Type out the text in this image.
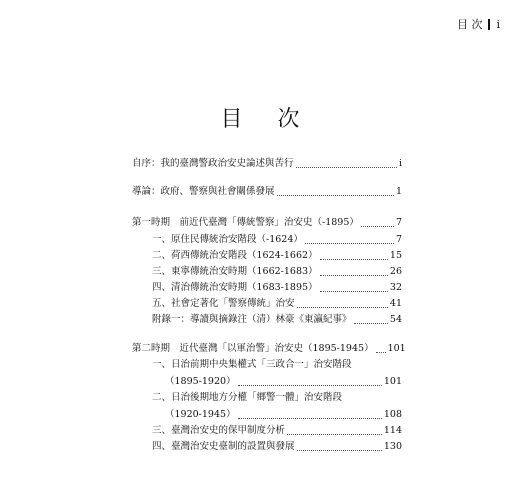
目 次 i
目 次
自序：我的臺灣警政治安史論述與苦行	i
導論：政府、警察與社會關係發展	1
第一時期　前近代臺灣「傳統警察」治安史（-1895）	7
一、原住民傳統治安階段（-1624）	7
二、荷西傳統治安階段（1624-1662）	15
三、東寧傳統治安時期（1662-1683）	26
四、清治傳統治安時期（1683-1895）	32
五、社會定著化「警察傳統」治安	41
附錄一：導讀與摘錄注（清）林豪《東瀛紀事》	54
第二時期　近代臺灣「以軍治警」治安史（1895-1945） 101
一、日治前期中央集權式「三政合一」治安階段
（1895-1920）	101
二、日治後期地方分權「鄉警一體」治安階段
（1920-1945）	108
三、臺灣治安史的保甲制度分析	114
四、臺灣治安史臺制的設置與發展	130
